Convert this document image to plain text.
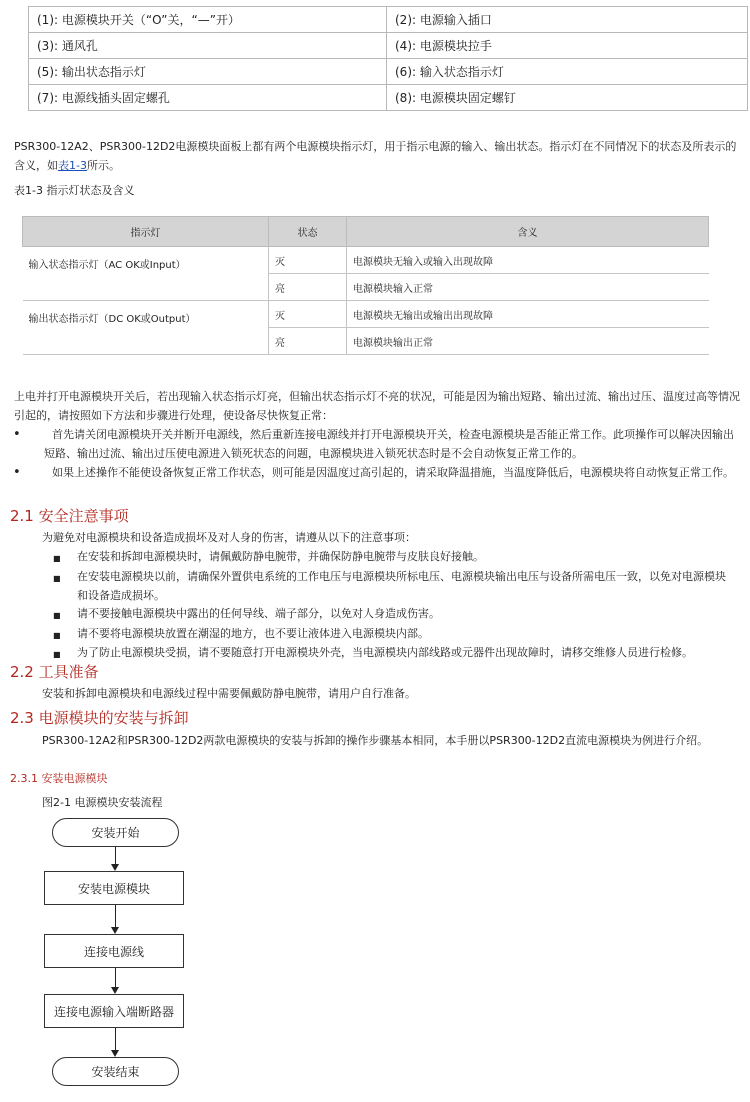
(1): 电源模块开关（“O”关，“—”开）	(2): 电源输入插口
(3): 通风孔	(4): 电源模块拉手
(5): 输出状态指示灯	(6): 输入状态指示灯
(7): 电源线插头固定螺孔	(8): 电源模块固定螺钉

PSR300-12A2、PSR300-12D2电源模块面板上都有两个电源模块指示灯，用于指示电源的输入、输出状态。指示灯在不同情况下的状态及所表示的含义，如表1-3所示。

表1-3 指示灯状态及含义

指示灯	状态	含义
输入状态指示灯（AC OK或Input）	灭	电源模块无输入或输入出现故障
	亮	电源模块输入正常
输出状态指示灯（DC OK或Output）	灭	电源模块无输出或输出出现故障
	亮	电源模块输出正常

上电并打开电源模块开关后，若出现输入状态指示灯亮，但输出状态指示灯不亮的状况，可能是因为输出短路、输出过流、输出过压、温度过高等情况引起的，请按照如下方法和步骤进行处理，使设备尽快恢复正常：

•	首先请关闭电源模块开关并断开电源线，然后重新连接电源线并打开电源模块开关，检查电源模块是否能正常工作。此项操作可以解决因输出短路、输出过流、输出过压使电源进入锁死状态的问题，电源模块进入锁死状态时是不会自动恢复正常工作的。

•	如果上述操作不能使设备恢复正常工作状态，则可能是因温度过高引起的，请采取降温措施，当温度降低后，电源模块将自动恢复正常工作。

2.1 安全注意事项

为避免对电源模块和设备造成损坏及对人身的伤害，请遵从以下的注意事项：

■ 在安装和拆卸电源模块时，请佩戴防静电腕带，并确保防静电腕带与皮肤良好接触。

■ 在安装电源模块以前，请确保外置供电系统的工作电压与电源模块所标电压、电源模块输出电压与设备所需电压一致，以免对电源模块和设备造成损坏。

■ 请不要接触电源模块中露出的任何导线、端子部分，以免对人身造成伤害。

■ 请不要将电源模块放置在潮湿的地方，也不要让液体进入电源模块内部。

■ 为了防止电源模块受损，请不要随意打开电源模块外壳，当电源模块内部线路或元器件出现故障时，请移交维修人员进行检修。

2.2 工具准备

安装和拆卸电源模块和电源线过程中需要佩戴防静电腕带，请用户自行准备。

2.3 电源模块的安装与拆卸

PSR300-12A2和PSR300-12D2两款电源模块的安装与拆卸的操作步骤基本相同，本手册以PSR300-12D2直流电源模块为例进行介绍。

2.3.1 安装电源模块

图2-1 电源模块安装流程

安装开始
安装电源模块
连接电源线
连接电源输入端断路器
安装结束
